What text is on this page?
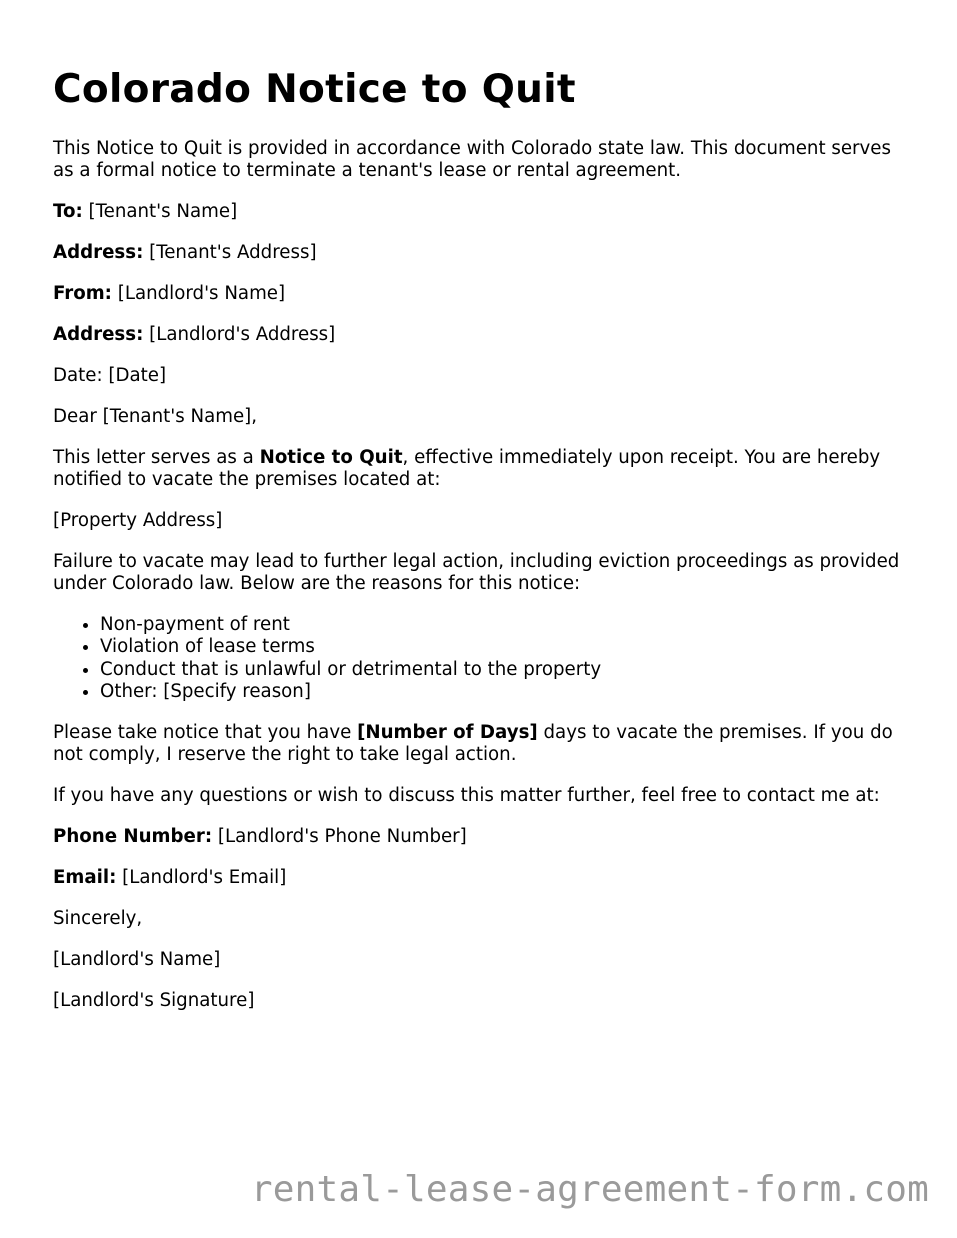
Colorado Notice to Quit

This Notice to Quit is provided in accordance with Colorado state law. This document serves as a formal notice to terminate a tenant's lease or rental agreement.

To: [Tenant's Name]

Address: [Tenant's Address]

From: [Landlord's Name]

Address: [Landlord's Address]

Date: [Date]

Dear [Tenant's Name],

This letter serves as a Notice to Quit, effective immediately upon receipt. You are hereby notified to vacate the premises located at:

[Property Address]

Failure to vacate may lead to further legal action, including eviction proceedings as provided under Colorado law. Below are the reasons for this notice:

• Non-payment of rent
• Violation of lease terms
• Conduct that is unlawful or detrimental to the property
• Other: [Specify reason]

Please take notice that you have [Number of Days] days to vacate the premises. If you do not comply, I reserve the right to take legal action.

If you have any questions or wish to discuss this matter further, feel free to contact me at:

Phone Number: [Landlord's Phone Number]

Email: [Landlord's Email]

Sincerely,

[Landlord's Name]

[Landlord's Signature]

rental-lease-agreement-form.com
